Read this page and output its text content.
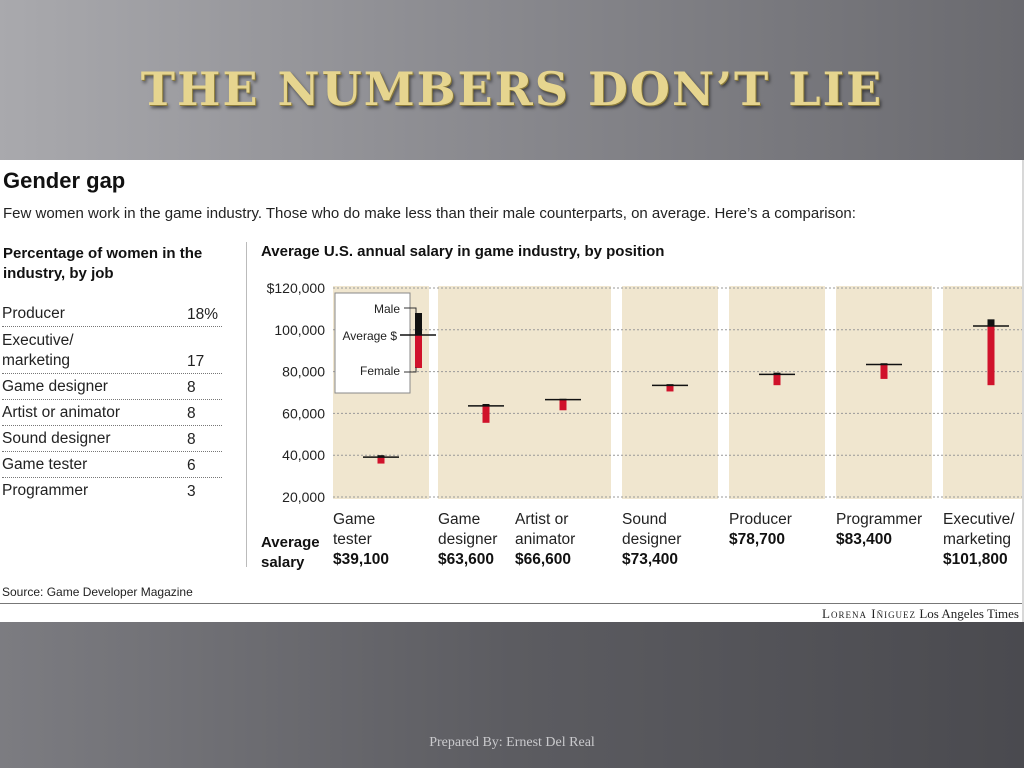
THE NUMBERS DON’T LIE
Gender gap
Few women work in the game industry. Those who do make less than their male counterparts, on average. Here’s a comparison:
Percentage of women in the industry, by job
Producer	18%
Executive/ marketing	17
Game designer	8
Artist or animator	8
Sound designer	8
Game tester	6
Programmer	3
Average U.S. annual salary in game industry, by position
$120,000
100,000
80,000
60,000
40,000
20,000
Game
tester
$39,100
Game
designer
$63,600
Artist or
animator
$66,600
Sound
designer
$73,400
Producer
$78,700
Programmer
$83,400
Executive/
marketing
$101,800
Average
salary
Male
Average $
Female
Source: Game Developer Magazine
Lorena Iñiguez Los Angeles Times
Prepared By: Ernest Del Real
